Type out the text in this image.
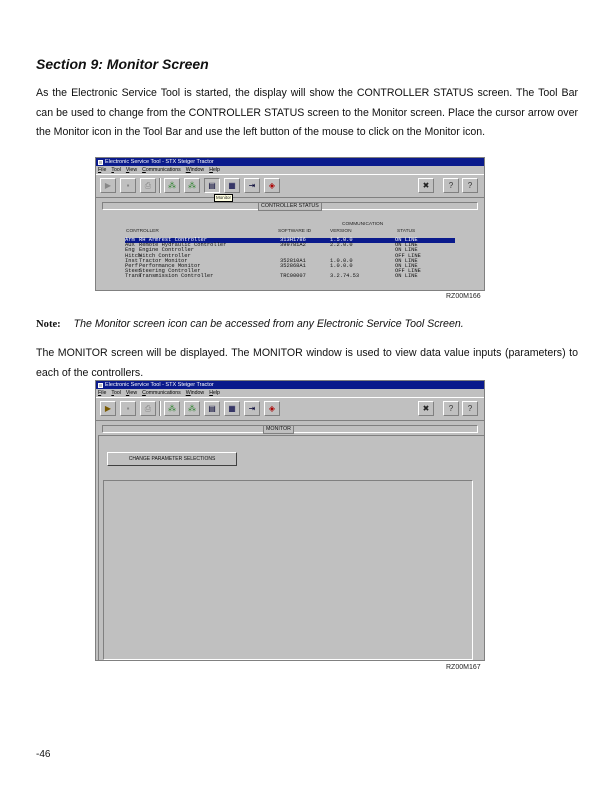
Section 9: Monitor Screen
As the Electronic Service Tool is started, the display will show the CONTROLLER STATUS screen. The Tool Bar can be used to change from the CONTROLLER STATUS screen to the Monitor screen. Place the cursor arrow over the Monitor icon in the Tool Bar and use the left button of the mouse to click on the Monitor icon.
Electronic Service Tool - STX Steiger Tractor
File Tool View Communications Window Help
▶	▪	⎙	⁂	⁂	▤	▦	⇥	◈	✖	?	?
Monitor
CONTROLLER STATUS
COMMUNICATION
CONTROLLER	SOFTWARE ID	VERSION	STATUS
Arm RH Armrest Controller	313H1786	1.5.0.0	ON LINE
AUX Remote Hydraulic Controller	399781A2	2.2.0.0	ON LINE
Eng Engine Controller	ON LINE
Hitch
Hitch Controller	OFF LINE
Inst Tractor Monitor	352810A1	1.0.0.0	ON LINE
Perf Performance Monitor	352868A1	1.0.0.0	ON LINE
Steer
Steering Controller	OFF LINE
Trans
Transmission Controller	TRC00007	3.2.74.53	ON LINE
RZ00M166
Note: The Monitor screen icon can be accessed from any Electronic Service Tool Screen.
The MONITOR screen will be displayed. The MONITOR window is used to view data value inputs (parameters) to each of the controllers.
Electronic Service Tool - STX Steiger Tractor
File Tool View Communications Window Help
▶	▪	⎙	⁂	⁂	▤	▦	⇥	◈	✖	?	?
MONITOR
CHANGE PARAMETER SELECTIONS
RZ00M167
-46
